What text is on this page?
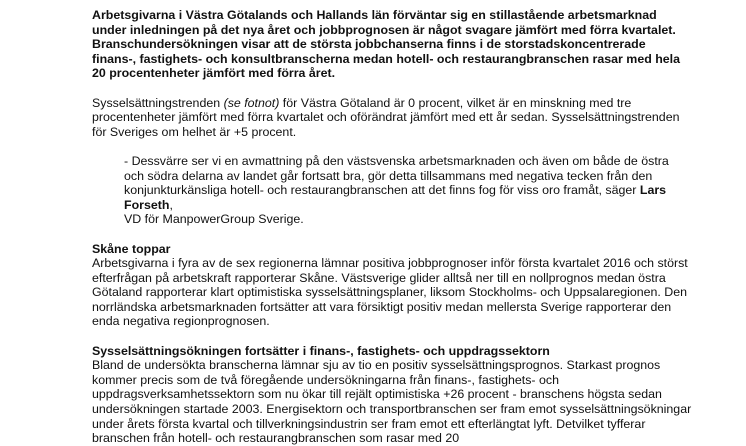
Arbetsgivarna i Västra Götalands och Hallands län förväntar sig en stillastående arbetsmarknad under inledningen på det nya året och jobbprognosen är något svagare jämfört med förra kvartalet. Branschundersökningen visar att de största jobbchanserna finns i de storstadskoncentrerade finans-, fastighets- och konsultbranscherna medan hotell- och restaurangbranschen rasar med hela 20 procentenheter jämfört med förra året.

Sysselsättningstrenden (se fotnot) för Västra Götaland är 0 procent, vilket är en minskning med tre procentenheter jämfört med förra kvartalet och oförändrat jämfört med ett år sedan. Sysselsättningstrenden för Sveriges om helhet är +5 procent.

- Dessvärre ser vi en avmattning på den västsvenska arbetsmarknaden och även om både de östra och södra delarna av landet går fortsatt bra, gör detta tillsammans med negativa tecken från den konjunkturkänsliga hotell- och restaurangbranschen att det finns fog för viss oro framåt, säger Lars Forseth,
VD för ManpowerGroup Sverige.

Skåne toppar

Arbetsgivarna i fyra av de sex regionerna lämnar positiva jobbprognoser inför första kvartalet 2016 och störst efterfrågan på arbetskraft rapporterar Skåne. Västsverige glider alltså ner till en nollprognos medan östra Götaland rapporterar klart optimistiska sysselsättningsplaner, liksom Stockholms- och Uppsalaregionen. Den norrländska arbetsmarknaden fortsätter att vara försiktigt positiv medan mellersta Sverige rapporterar den enda negativa regionprognosen.

Sysselsättningsökningen fortsätter i finans-, fastighets- och uppdragssektorn

Bland de undersökta branscherna lämnar sju av tio en positiv sysselsättningsprognos. Starkast prognos kommer precis som de två föregående undersökningarna från finans-, fastighets- och uppdragsverksamhetssektorn som nu ökar till rejält optimistiska +26 procent - branschens högsta sedan undersökningen startade 2003. Energisektorn och transportbranschen ser fram emot sysselsättningsökningar under årets första kvartal och tillverkningsindustrin ser fram emot ett efterlängtat lyft. Detvilket tyfferar branschen från hotell- och restaurangbranschen som rasar med 20
